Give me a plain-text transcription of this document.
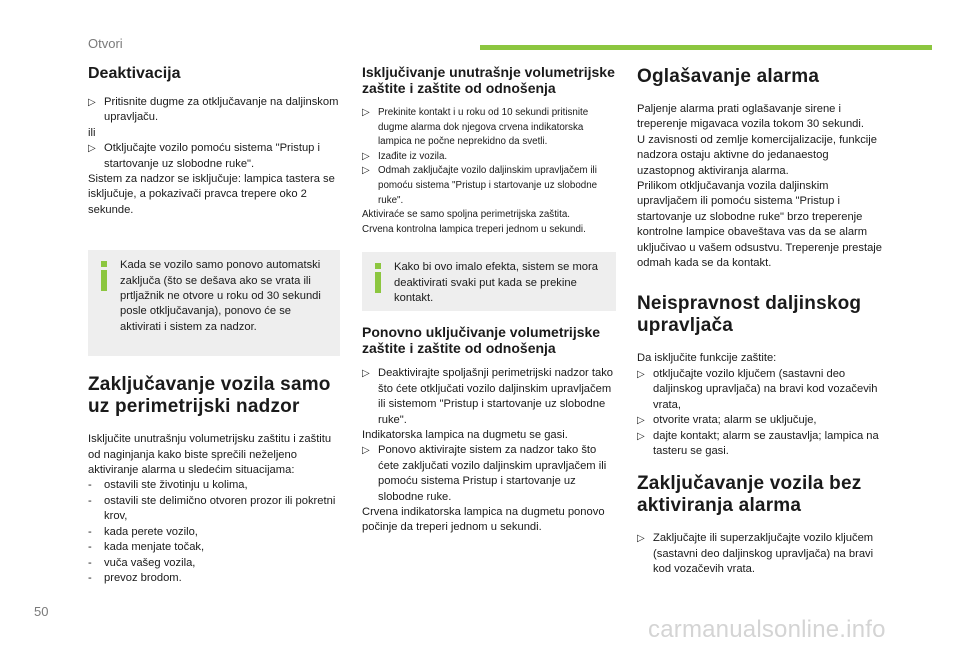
Otvori
Deaktivacija
▷ Pritisnite dugme za otključavanje na daljinskom upravljaču.
ili
▷ Otključajte vozilo pomoću sistema "Pristup i startovanje uz slobodne ruke".
Sistem za nadzor se isključuje: lampica tastera se isključuje, a pokazivači pravca trepere oko 2 sekunde.
Kada se vozilo samo ponovo automatski zaključa (što se dešava ako se vrata ili prtljažnik ne otvore u roku od 30 sekundi posle otključavanja), ponovo će se aktivirati i sistem za nadzor.
Zaključavanje vozila samo uz perimetrijski nadzor
Isključite unutrašnju volumetrijsku zaštitu i zaštitu od naginjanja kako biste sprečili neželjeno aktiviranje alarma u sledećim situacijama:
- ostavili ste životinju u kolima,
- ostavili ste delimično otvoren prozor ili pokretni krov,
- kada perete vozilo,
- kada menjate točak,
- vuča vašeg vozila,
- prevoz brodom.
Isključivanje unutrašnje volumetrijske zaštite i zaštite od odnošenja
▷ Prekinite kontakt i u roku od 10 sekundi pritisnite dugme alarma dok njegova crvena indikatorska lampica ne počne neprekidno da svetli.
▷ Izađite iz vozila.
▷ Odmah zaključajte vozilo daljinskim upravljačem ili pomoću sistema "Pristup i startovanje uz slobodne ruke".
Aktiviraće se samo spoljna perimetrijska zaštita.
Crvena kontrolna lampica treperi jednom u sekundi.
Kako bi ovo imalo efekta, sistem se mora deaktivirati svaki put kada se prekine kontakt.
Ponovno uključivanje volumetrijske zaštite i zaštite od odnošenja
▷ Deaktivirajte spoljašnji perimetrijski nadzor tako što ćete otključati vozilo daljinskim upravljačem ili sistemom "Pristup i startovanje uz slobodne ruke".
Indikatorska lampica na dugmetu se gasi.
▷ Ponovo aktivirajte sistem za nadzor tako što ćete zaključati vozilo daljinskim upravljačem ili pomoću sistema Pristup i startovanje uz slobodne ruke.
Crvena indikatorska lampica na dugmetu ponovo počinje da treperi jednom u sekundi.
Oglašavanje alarma
Paljenje alarma prati oglašavanje sirene i treperenje migavaca vozila tokom 30 sekundi.
U zavisnosti od zemlje komercijalizacije, funkcije nadzora ostaju aktivne do jedanaestog uzastopnog aktiviranja alarma.
Prilikom otključavanja vozila daljinskim upravljačem ili pomoću sistema "Pristup i startovanje uz slobodne ruke" brzo treperenje kontrolne lampice obaveštava vas da se alarm uključivao u vašem odsustvu. Treperenje prestaje odmah kada se da kontakt.
Neispravnost daljinskog upravljača
Da isključite funkcije zaštite:
▷ otključajte vozilo ključem (sastavni deo daljinskog upravljača) na bravi kod vozačevih vrata,
▷ otvorite vrata; alarm se uključuje,
▷ dajte kontakt; alarm se zaustavlja; lampica na tasteru se gasi.
Zaključavanje vozila bez aktiviranja alarma
▷ Zaključajte ili superzaključajte vozilo ključem (sastavni deo daljinskog upravljača) na bravi kod vozačevih vrata.
50
carmanualsonline.info
